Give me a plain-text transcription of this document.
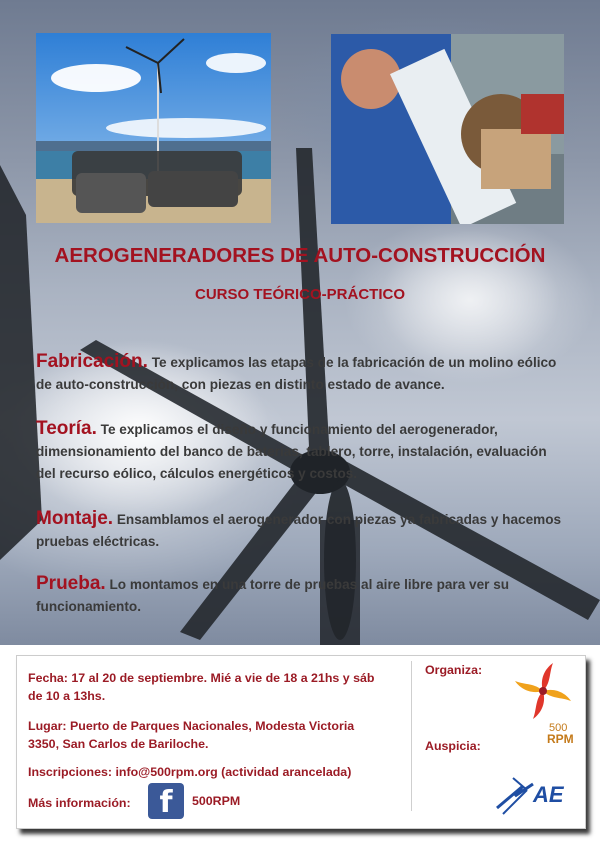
AEROGENERADORES DE AUTO-CONSTRUCCIÓN
CURSO TEÓRICO-PRÁCTICO
Fabricación. Te explicamos las etapas de la fabricación de un molino eólico de auto-construcción, con piezas en distinto estado de avance.
Teoría. Te explicamos el diseño y funcionamiento del aerogenerador, dimensionamiento del banco de baterías, tablero, torre, instalación, evaluación del recurso eólico, cálculos energéticos y costos.
Montaje. Ensamblamos el aerogenerador con piezas ya fabricadas y hacemos pruebas eléctricas.
Prueba. Lo montamos en una torre de pruebas al aire libre para ver su funcionamiento.
Fecha: 17 al 20 de septiembre. Mié a vie de 18 a 21hs y sáb de 10 a 13hs.
Lugar: Puerto de Parques Nacionales, Modesta Victoria 3350, San Carlos de Bariloche.
Inscripciones: info@500rpm.org (actividad arancelada)
Más información: f	500RPM
Organiza:
Auspicia:
500
RPM
AE
